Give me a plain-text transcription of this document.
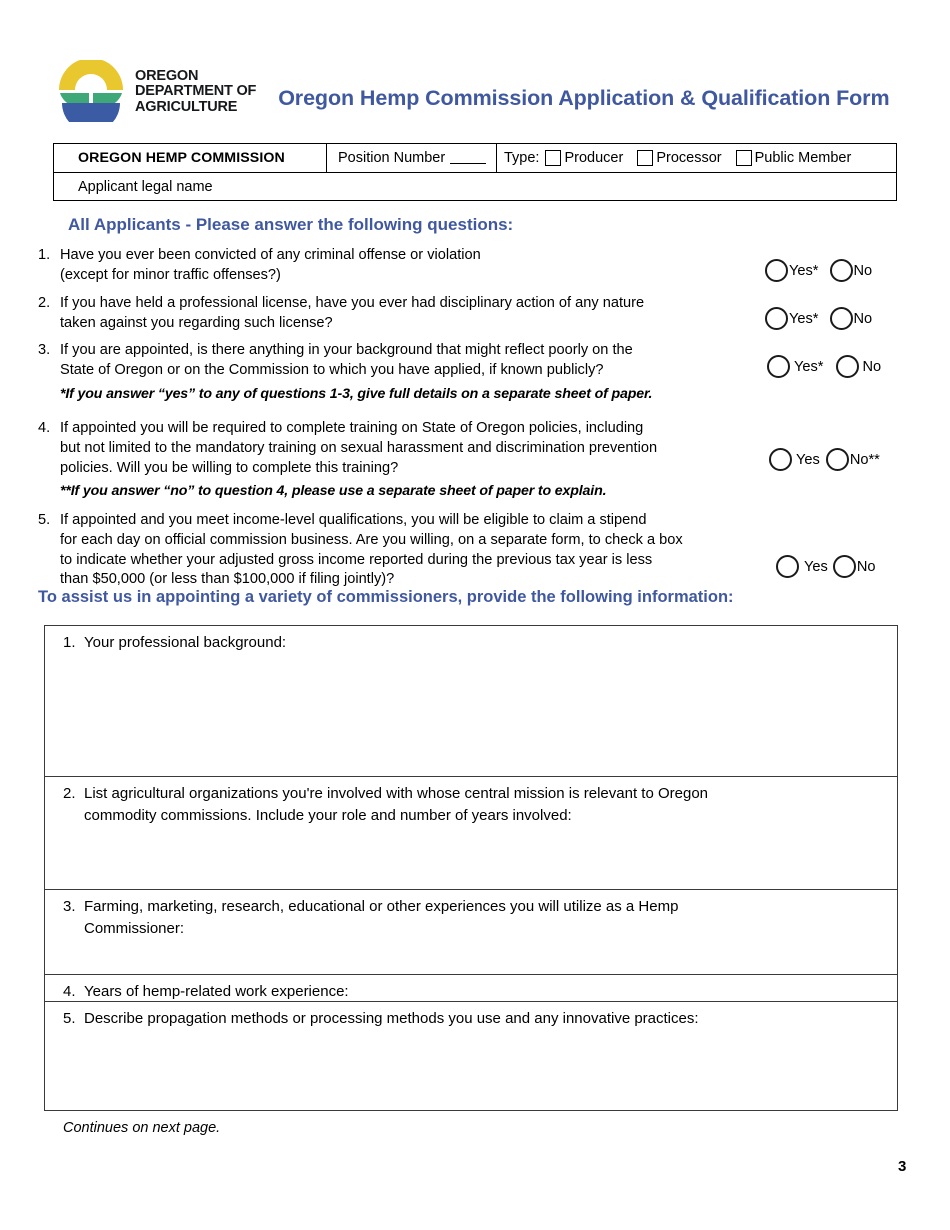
OREGON
DEPARTMENT OF
AGRICULTURE	Oregon Hemp Commission Application & Qualification Form
OREGON HEMP COMMISSION	Position Number	Type: Producer Processor Public Member
Applicant legal name
All Applicants - Please answer the following questions:
1. Have you ever been convicted of any criminal offense or violation
(except for minor traffic offenses?)	Yes* No
2. If you have held a professional license, have you ever had disciplinary action of any nature
taken against you regarding such license?	Yes* No
3. If you are appointed, is there anything in your background that might reflect poorly on the
State of Oregon or on the Commission to which you have applied, if known publicly?	Yes*	No
*If you answer “yes” to any of questions 1-3, give full details on a separate sheet of paper.
4. If appointed you will be required to complete training on State of Oregon policies, including
but not limited to the mandatory training on sexual harassment and discrimination prevention
policies. Will you be willing to complete this training?
Yes No**
**If you answer “no” to question 4, please use a separate sheet of paper to explain.
5. If appointed and you meet income-level qualifications, you will be eligible to claim a stipend
for each day on official commission business. Are you willing, on a separate form, to check a box
to indicate whether your adjusted gross income reported during the previous tax year is less
than $50,000 (or less than $100,000 if filing jointly)?
Yes No
To assist us in appointing a variety of commissioners, provide the following information:
1. Your professional background:
2. List agricultural organizations you're involved with whose central mission is relevant to Oregon
commodity commissions. Include your role and number of years involved:
3. Farming, marketing, research, educational or other experiences you will utilize as a Hemp
Commissioner:
4. Years of hemp-related work experience:
5. Describe propagation methods or processing methods you use and any innovative practices:
Continues on next page.
3
